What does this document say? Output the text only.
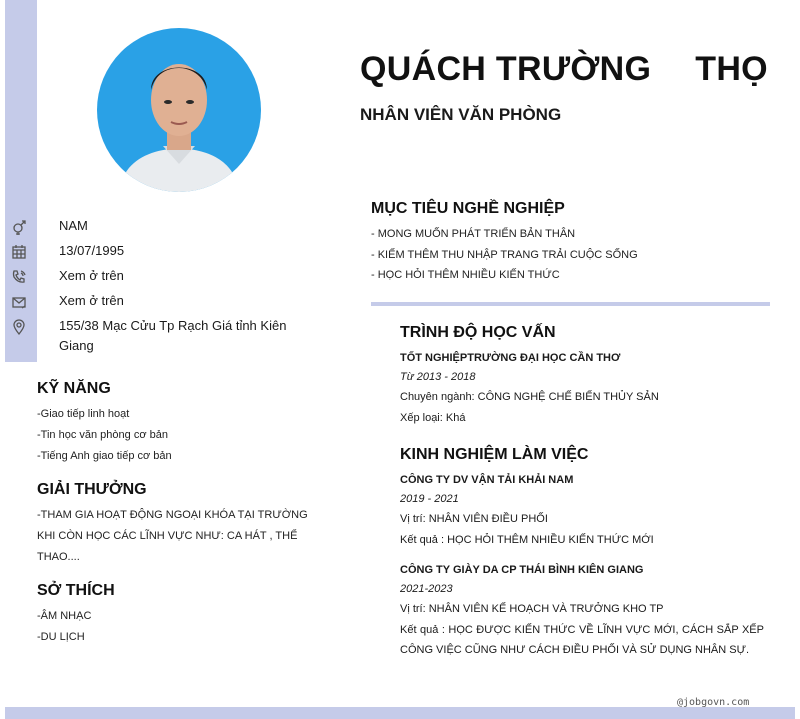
QUÁCH TRƯỜNG THỌ
NHÂN VIÊN VĂN PHÒNG
NAM
13/07/1995
Xem ở trên
Xem ở trên
155/38 Mạc Cửu Tp Rạch Giá tỉnh Kiên Giang
KỸ NĂNG
-Giao tiếp linh hoạt
-Tin học văn phòng cơ bản
-Tiếng Anh giao tiếp cơ bản
GIẢI THƯỞNG
-THAM GIA HOẠT ĐỘNG NGOẠI KHÓA TẠI TRƯỜNG KHI CÒN HỌC CÁC LĨNH VỰC NHƯ: CA HÁT , THỂ THAO....
SỞ THÍCH
-ÂM NHẠC
-DU LỊCH
MỤC TIÊU NGHỀ NGHIỆP
- MONG MUỐN PHÁT TRIỂN BẢN THÂN
- KIẾM THÊM THU NHẬP TRANG TRẢI CUỘC SỐNG
- HỌC HỎI THÊM NHIỀU KIẾN THỨC
TRÌNH ĐỘ HỌC VẤN
TỐT NGHIỆPTRƯỜNG ĐẠI HỌC CẦN THƠ
Từ 2013 - 2018
Chuyên ngành: CÔNG NGHỆ CHẾ BIẾN THỦY SẢN
Xếp loại: Khá
KINH NGHIỆM LÀM VIỆC
CÔNG TY DV VẬN TẢI KHẢI NAM
2019 - 2021
Vị trí: NHÂN VIÊN ĐIỀU PHỐI
Kết quả : HỌC HỎI THÊM NHIỀU KIẾN THỨC MỚI
CÔNG TY GIÀY DA CP THÁI BÌNH KIÊN GIANG
2021-2023
Vị trí: NHÂN VIÊN KẾ HOẠCH VÀ TRƯỞNG KHO TP
Kết quả : HỌC ĐƯỢC KIẾN THỨC VỀ LĨNH VỰC MỚI, CÁCH SẮP XẾP CÔNG VIỆC CŨNG NHƯ CÁCH ĐIỀU PHỐI VÀ SỬ DỤNG NHÂN SỰ.
@jobgovn.com
